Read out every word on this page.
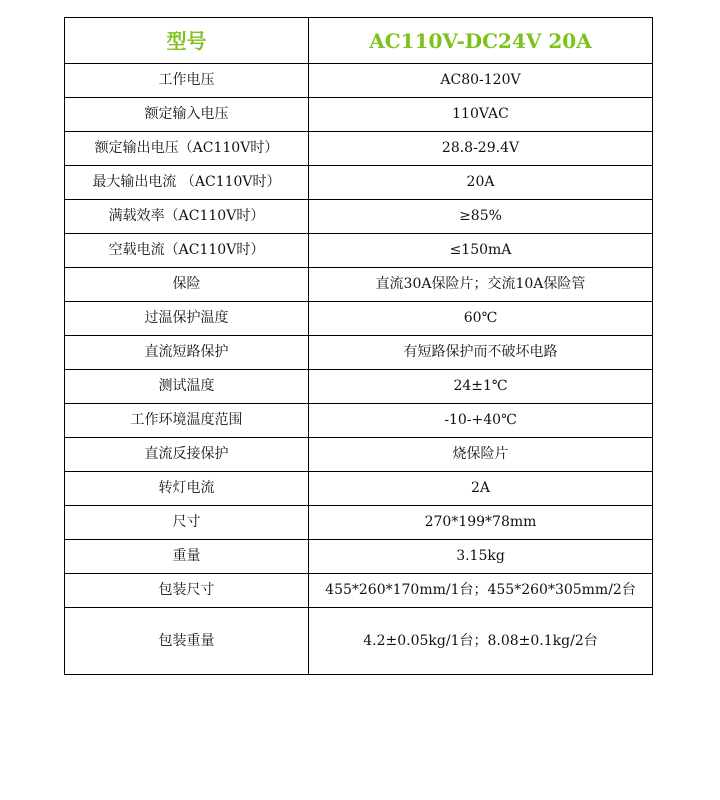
型号	AC110V-DC24V 20A
工作电压	AC80-120V
额定输入电压	110VAC
额定输出电压（AC110V时）	28.8-29.4V
最大输出电流 （AC110V时）	20A
满载效率（AC110V时）	≥85%
空载电流（AC110V时）	≤150mA
保险	直流30A保险片；交流10A保险管
过温保护温度	60℃
直流短路保护	有短路保护而不破坏电路
测试温度	24±1℃
工作环境温度范围	-10-+40℃
直流反接保护	烧保险片
转灯电流	2A
尺寸	270*199*78mm
重量	3.15kg
包装尺寸	455*260*170mm/1台；455*260*305mm/2台
包装重量	4.2±0.05kg/1台；8.08±0.1kg/2台
